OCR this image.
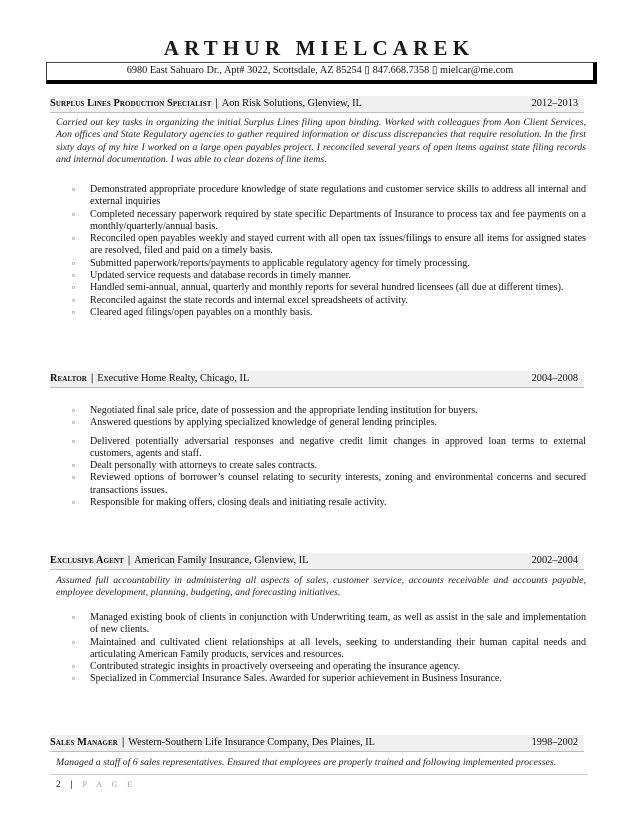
ARTHUR MIELCAREK
6980 East Sahuaro Dr., Apt# 3022, Scottsdale, AZ 85254 ▯ 847.668.7358 ▯ mielcar@me.com
Surplus Lines Production Specialist | Aon Risk Solutions, Glenview, IL	2012–2013
Carried out key tasks in organizing the initial Surplus Lines filing upon binding. Worked with colleagues from Aon Client Services, Aon offices and State Regulatory agencies to gather required information or discuss discrepancies that require resolution. In the first sixty days of my hire I worked on a large open payables project. I reconciled several years of open items against state filing records and internal documentation. I was able to clear dozens of line items.
▫ Demonstrated appropriate procedure knowledge of state regulations and customer service skills to address all internal and external inquiries
▫ Completed necessary paperwork required by state specific Departments of Insurance to process tax and fee payments on a monthly/quarterly/annual basis.
▫ Reconciled open payables weekly and stayed current with all open tax issues/filings to ensure all items for assigned states are resolved, filed and paid on a timely basis.
▫ Submitted paperwork/reports/payments to applicable regulatory agency for timely processing.
▫ Updated service requests and database records in timely manner.
▫ Handled semi-annual, annual, quarterly and monthly reports for several hundred licensees (all due at different times).
▫ Reconciled against the state records and internal excel spreadsheets of activity.
▫ Cleared aged filings/open payables on a monthly basis.
Realtor | Executive Home Realty, Chicago, IL	2004–2008
▫ Negotiated final sale price, date of possession and the appropriate lending institution for buyers.
▫ Answered questions by applying specialized knowledge of general lending principles.
▫ Delivered potentially adversarial responses and negative credit limit changes in approved loan terms to external customers, agents and staff.
▫ Dealt personally with attorneys to create sales contracts.
▫ Reviewed options of borrower’s counsel relating to security interests, zoning and environmental concerns and secured transactions issues.
▫ Responsible for making offers, closing deals and initiating resale activity.
Exclusive Agent | American Family Insurance, Glenview, IL	2002–2004
Assumed full accountability in administering all aspects of sales, customer service, accounts receivable and accounts payable, employee development, planning, budgeting, and forecasting initiatives.
▫ Managed existing book of clients in conjunction with Underwriting team, as well as assist in the sale and implementation of new clients.
▫ Maintained and cultivated client relationships at all levels, seeking to understanding their human capital needs and articulating American Family products, services and resources.
▫ Contributed strategic insights in proactively overseeing and operating the insurance agency.
▫ Specialized in Commercial Insurance Sales. Awarded for superior achievement in Business Insurance.
Sales Manager | Western-Southern Life Insurance Company, Des Plaines, IL	1998–2002
Managed a staff of 6 sales representatives. Ensured that employees are properly trained and following implemented processes.
2 | P A G E
